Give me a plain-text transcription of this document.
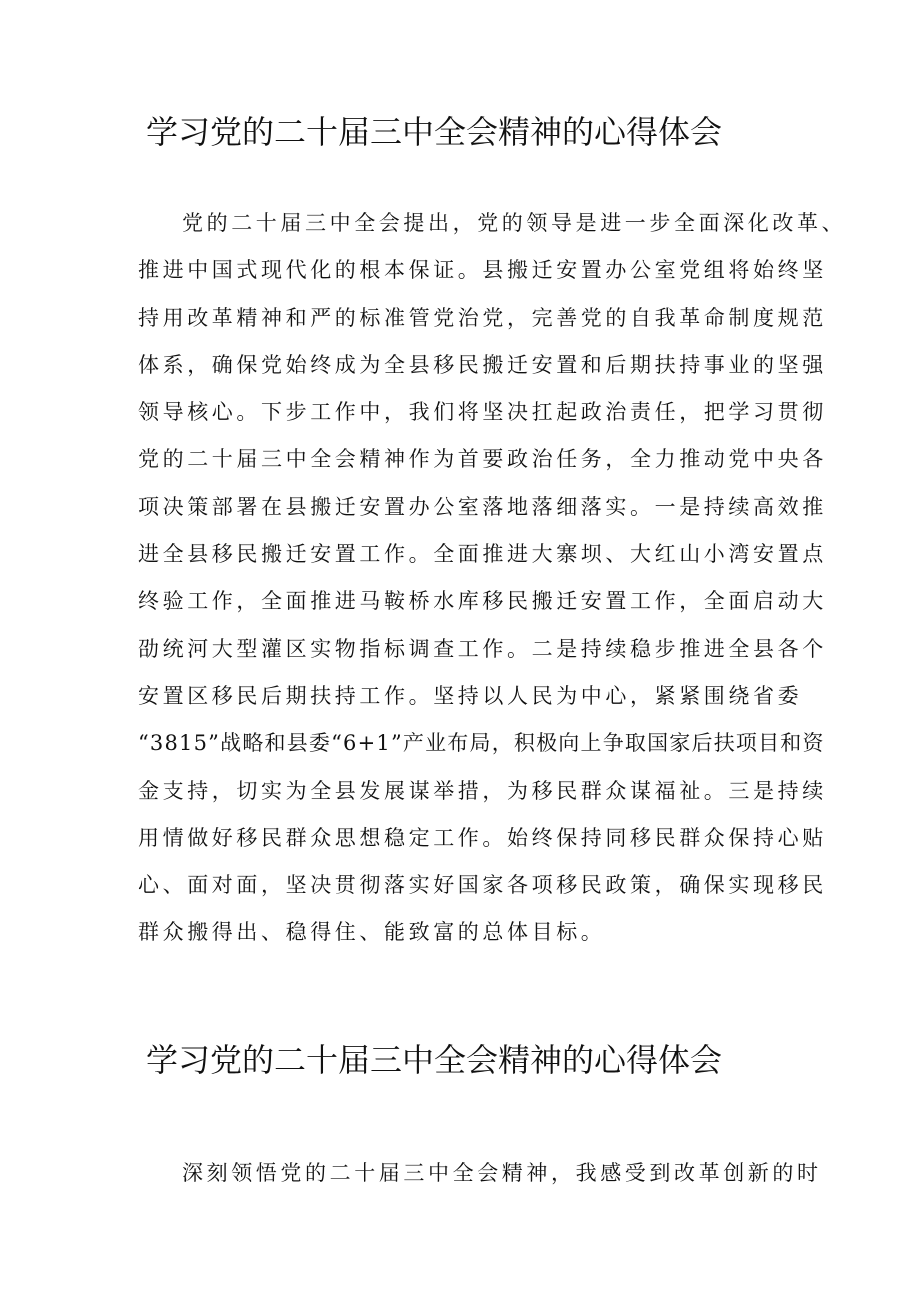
学习党的二十届三中全会精神的心得体会
党的二十届三中全会提出，党的领导是进一步全面深化改革、
推进中国式现代化的根本保证。县搬迁安置办公室党组将始终坚
持用改革精神和严的标准管党治党，完善党的自我革命制度规范
体系，确保党始终成为全县移民搬迁安置和后期扶持事业的坚强
领导核心。下步工作中，我们将坚决扛起政治责任，把学习贯彻
党的二十届三中全会精神作为首要政治任务，全力推动党中央各
项决策部署在县搬迁安置办公室落地落细落实。一是持续高效推
进全县移民搬迁安置工作。全面推进大寨坝、大红山小湾安置点
终验工作，全面推进马鞍桥水库移民搬迁安置工作，全面启动大
劭统河大型灌区实物指标调查工作。二是持续稳步推进全县各个
安置区移民后期扶持工作。坚持以人民为中心，紧紧围绕省委
“3815”战略和县委“6+1”产业布局，积极向上争取国家后扶项目和资
金支持，切实为全县发展谋举措，为移民群众谋福祉。三是持续
用情做好移民群众思想稳定工作。始终保持同移民群众保持心贴
心、面对面，坚决贯彻落实好国家各项移民政策，确保实现移民
群众搬得出、稳得住、能致富的总体目标。
学习党的二十届三中全会精神的心得体会
深刻领悟党的二十届三中全会精神，我感受到改革创新的时
